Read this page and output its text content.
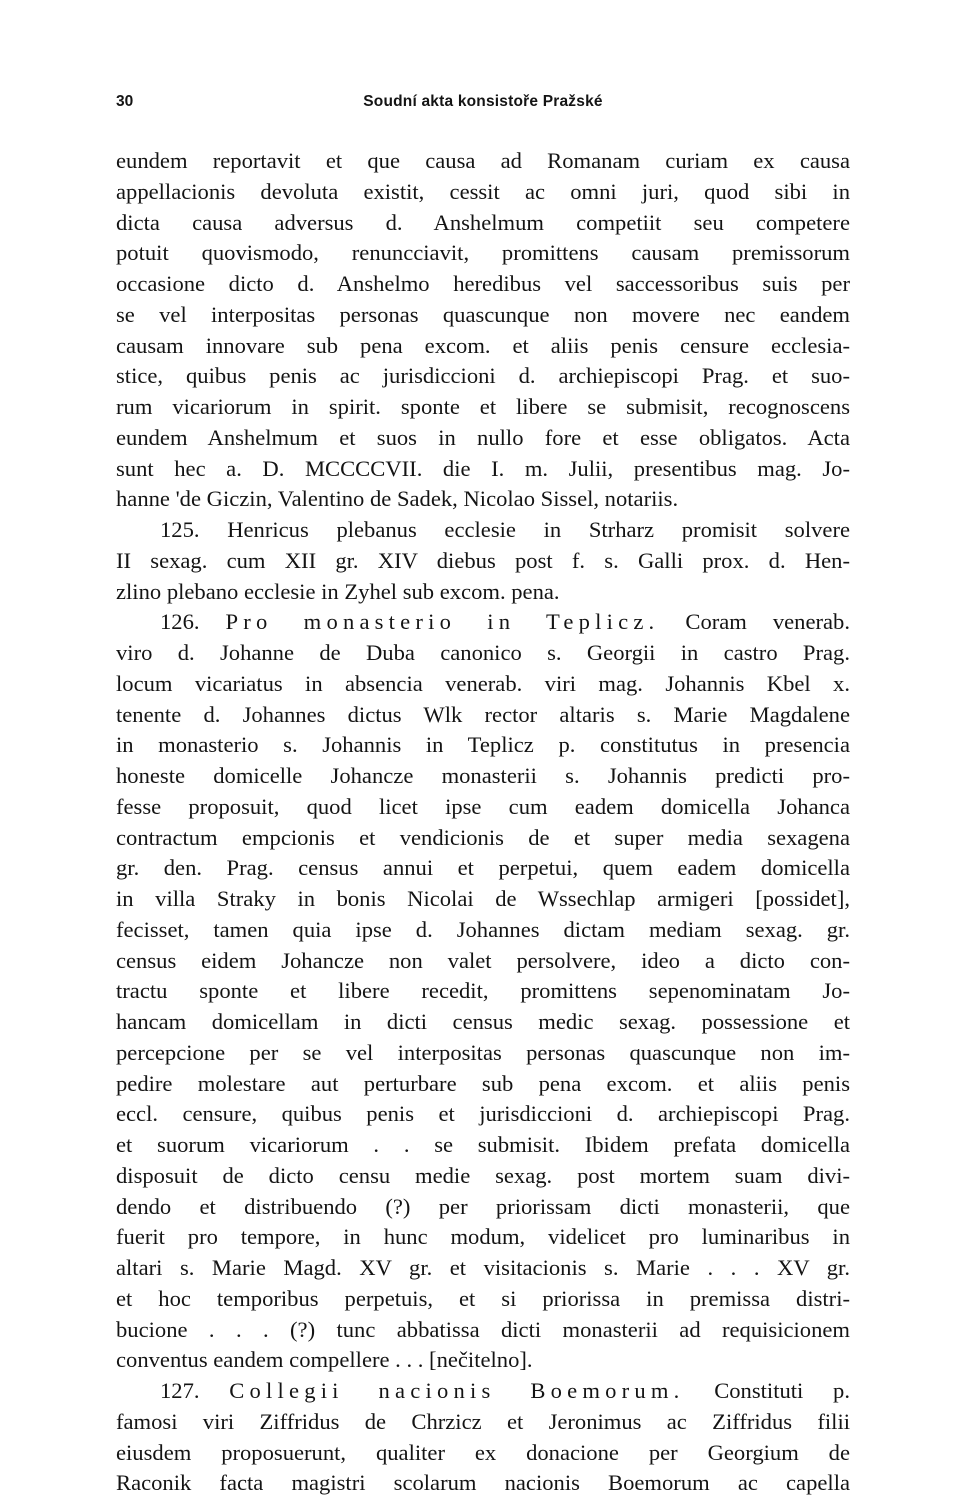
30	Soudní akta konsistoře Pražské
eundem reportavit et que causa ad Romanam curiam ex causa
appellacionis devoluta existit, cessit ac omni juri, quod sibi in
dicta causa adversus d. Anshelmum competiit seu competere
potuit quovismodo, renuncciavit, promittens causam premissorum
occasione dicto d. Anshelmo heredibus vel saccessoribus suis per
se vel interpositas personas quascunque non movere nec eandem
causam innovare sub pena excom. et aliis penis censure ecclesia-
stice, quibus penis ac jurisdiccioni d. archiepiscopi Prag. et suo-
rum vicariorum in spirit. sponte et libere se submisit, recognoscens
eundem Anshelmum et suos in nullo fore et esse obligatos. Acta
sunt hec a. D. MCCCCVII. die I. m. Julii, presentibus mag. Jo-
hanne 'de Giczin, Valentino de Sadek, Nicolao Sissel, notariis.
125. Henricus plebanus ecclesie in Strharz promisit solvere
II sexag. cum XII gr. XIV diebus post f. s. Galli prox. d. Hen-
zlino plebano ecclesie in Zyhel sub excom. pena.
126. Pro monasterio in Teplicz. Coram venerab.
viro d. Johanne de Duba canonico s. Georgii in castro Prag.
locum vicariatus in absencia venerab. viri mag. Johannis Kbel x.
tenente d. Johannes dictus Wlk rector altaris s. Marie Magdalene
in monasterio s. Johannis in Teplicz p. constitutus in presencia
honeste domicelle Johancze monasterii s. Johannis predicti pro-
fesse proposuit, quod licet ipse cum eadem domicella Johanca
contractum empcionis et vendicionis de et super media sexagena
gr. den. Prag. census annui et perpetui, quem eadem domicella
in villa Straky in bonis Nicolai de Wssechlap armigeri [possidet],
fecisset, tamen quia ipse d. Johannes dictam mediam sexag. gr.
census eidem Johancze non valet persolvere, ideo a dicto con-
tractu sponte et libere recedit, promittens sepenominatam Jo-
hancam domicellam in dicti census medic sexag. possessione et
percepcione per se vel interpositas personas quascunque non im-
pedire molestare aut perturbare sub pena excom. et aliis penis
eccl. censure, quibus penis et jurisdiccioni d. archiepiscopi Prag.
et suorum vicariorum . . se submisit. Ibidem prefata domicella
disposuit de dicto censu medie sexag. post mortem suam divi-
dendo et distribuendo (?) per priorissam dicti monasterii, que
fuerit pro tempore, in hunc modum, videlicet pro luminaribus in
altari s. Marie Magd. XV gr. et visitacionis s. Marie . . . XV gr.
et hoc temporibus perpetuis, et si priorissa in premissa distri-
bucione . . . (?) tunc abbatissa dicti monasterii ad requisicionem
conventus eandem compellere . . . [nečitelno].
127. Collegii nacionis Boemorum. Constituti p.
famosi viri Ziffridus de Chrzicz et Jeronimus ac Ziffridus filii
eiusdem proposuerunt, qualiter ex donacione per Georgium de
Raconik facta magistri scolarum nacionis Boemorum ac capella
